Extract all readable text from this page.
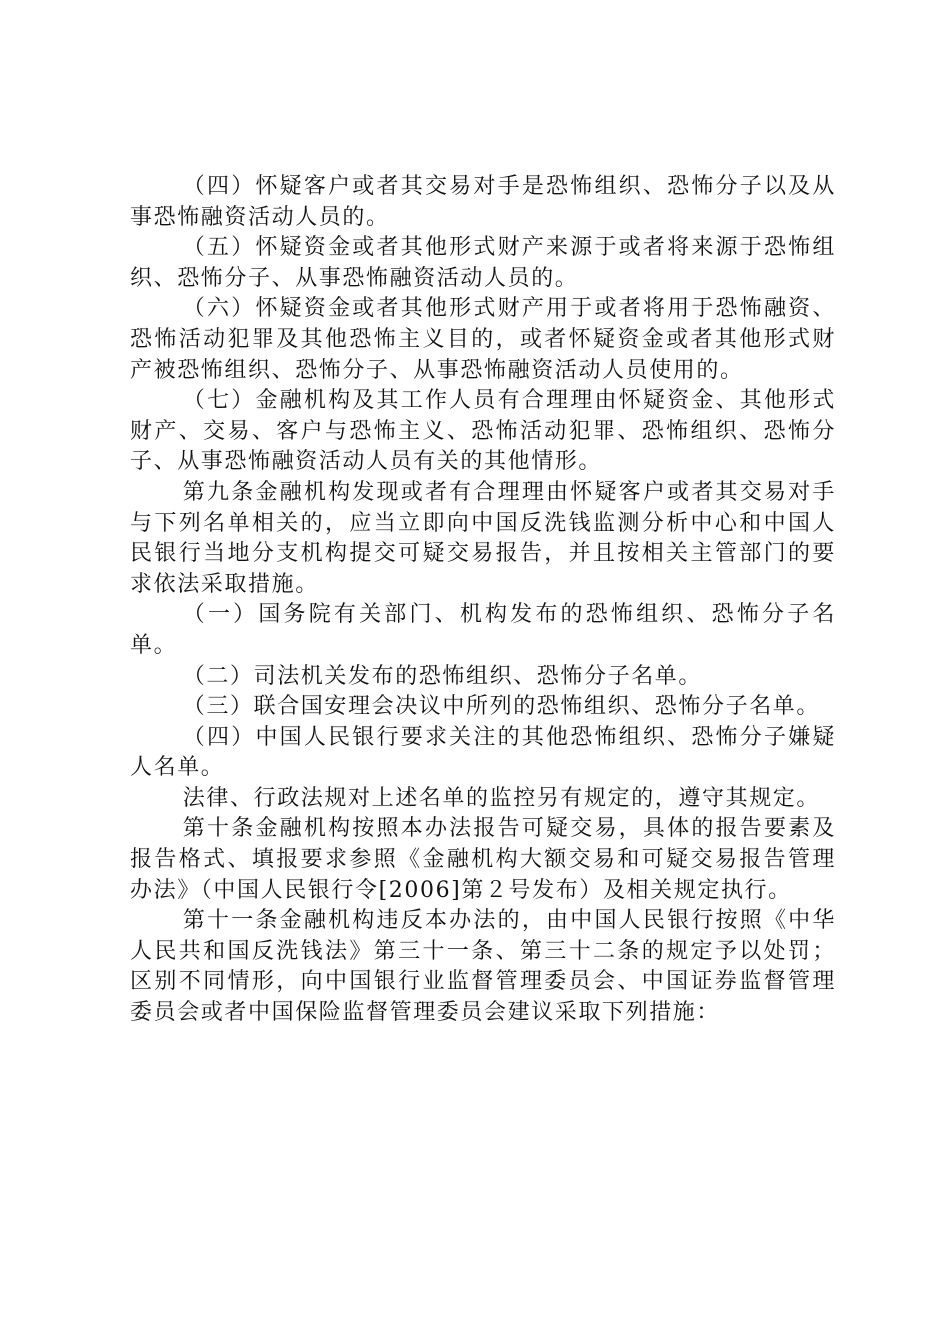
（四）怀疑客户或者其交易对手是恐怖组织、恐怖分子以及从事恐怖融资活动人员的。

（五）怀疑资金或者其他形式财产来源于或者将来源于恐怖组织、恐怖分子、从事恐怖融资活动人员的。

（六）怀疑资金或者其他形式财产用于或者将用于恐怖融资、恐怖活动犯罪及其他恐怖主义目的，或者怀疑资金或者其他形式财产被恐怖组织、恐怖分子、从事恐怖融资活动人员使用的。

（七）金融机构及其工作人员有合理理由怀疑资金、其他形式财产、交易、客户与恐怖主义、恐怖活动犯罪、恐怖组织、恐怖分子、从事恐怖融资活动人员有关的其他情形。

第九条金融机构发现或者有合理理由怀疑客户或者其交易对手与下列名单相关的，应当立即向中国反洗钱监测分析中心和中国人民银行当地分支机构提交可疑交易报告，并且按相关主管部门的要求依法采取措施。

（一）国务院有关部门、机构发布的恐怖组织、恐怖分子名单。

（二）司法机关发布的恐怖组织、恐怖分子名单。

（三）联合国安理会决议中所列的恐怖组织、恐怖分子名单。

（四）中国人民银行要求关注的其他恐怖组织、恐怖分子嫌疑人名单。

法律、行政法规对上述名单的监控另有规定的，遵守其规定。

第十条金融机构按照本办法报告可疑交易，具体的报告要素及报告格式、填报要求参照《金融机构大额交易和可疑交易报告管理办法》（中国人民银行令[2006]第２号发布）及相关规定执行。

第十一条金融机构违反本办法的，由中国人民银行按照《中华人民共和国反洗钱法》第三十一条、第三十二条的规定予以处罚；区别不同情形，向中国银行业监督管理委员会、中国证券监督管理委员会或者中国保险监督管理委员会建议采取下列措施：
